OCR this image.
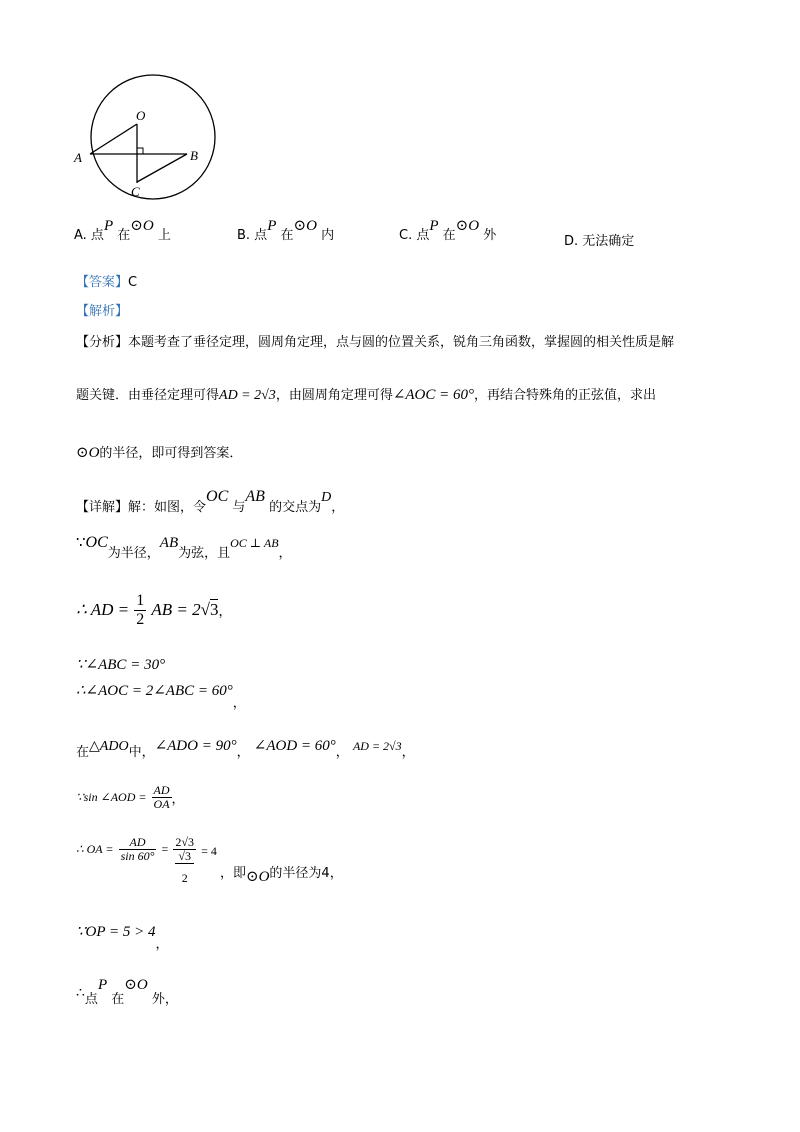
O
A	B
C
A. 点P 在⊙O 上	B. 点P 在⊙O 内	C. 点P 在⊙O 外	D. 无法确定
【答案】C
【解析】
【分析】本题考查了垂径定理，圆周角定理，点与圆的位置关系，锐角三角函数，掌握圆的相关性质是解
题关键．由垂径定理可得AD = 2√3，由圆周角定理可得∠AOC = 60°，再结合特殊角的正弦值，求出
⊙O的半径，即可得到答案．
【详解】解：如图，令OC 与AB 的交点为D，
∵OC为半径，AB为弦，且OC ⊥ AB，
∴ AD = $\frac{1}{2}$ AB = 2√3，
∵∠ABC = 30°
∴∠AOC = 2∠ABC = $60^\circ_,$
在△ADO中，∠ADO = 90°， ∠AOD = 60°， AD = 2√3，
∵sin ∠AOD = $\frac{AD}{OA}$ ，
∴ OA = $\frac{AD}{\sin 60^\circ} = 2√3$
√3
2 $^{= 4}$
，即⊙O的半径为4，
∵OP = $5 > 4_,$
∴点P 在⊙O 外，
